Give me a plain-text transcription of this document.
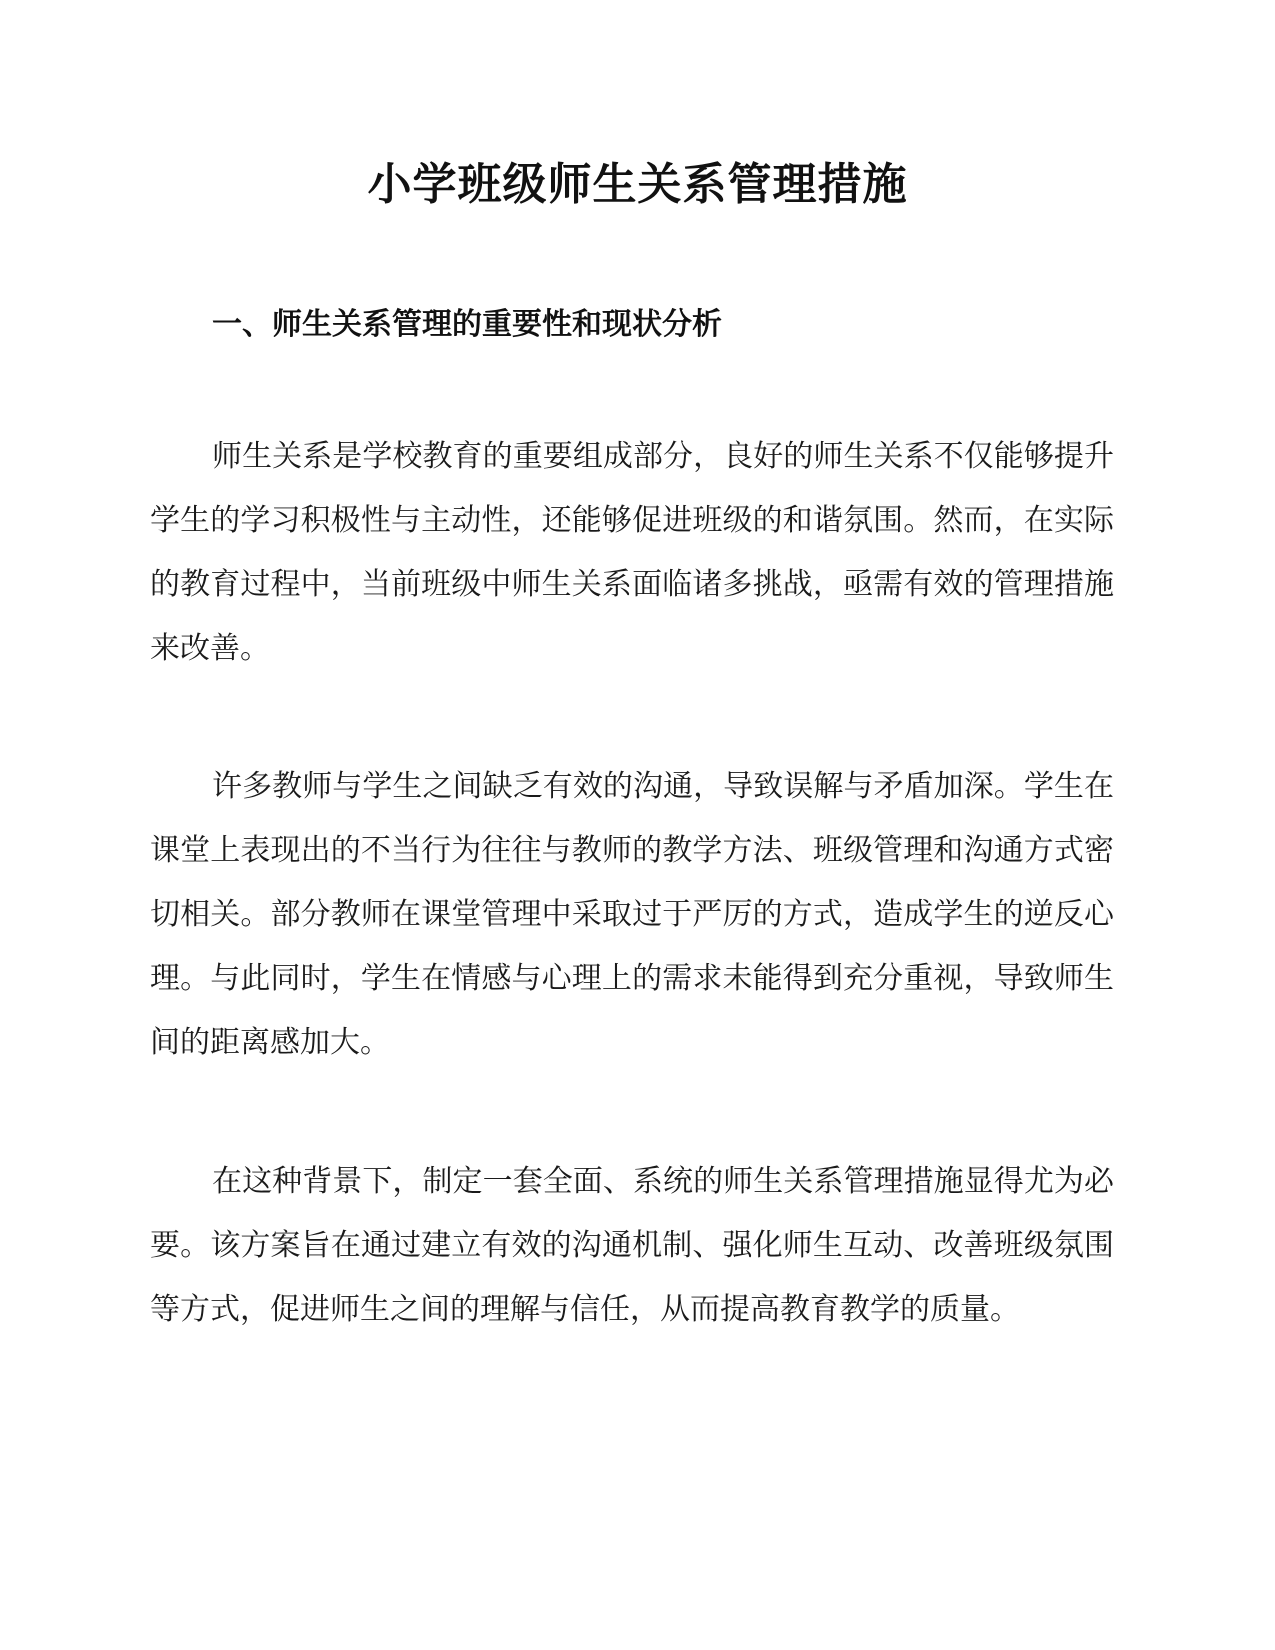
小学班级师生关系管理措施
一、师生关系管理的重要性和现状分析

师生关系是学校教育的重要组成部分，良好的师生关系不仅能够提升学生的学习积极性与主动性，还能够促进班级的和谐氛围。然而，在实际的教育过程中，当前班级中师生关系面临诸多挑战，亟需有效的管理措施来改善。

许多教师与学生之间缺乏有效的沟通，导致误解与矛盾加深。学生在课堂上表现出的不当行为往往与教师的教学方法、班级管理和沟通方式密切相关。部分教师在课堂管理中采取过于严厉的方式，造成学生的逆反心理。与此同时，学生在情感与心理上的需求未能得到充分重视，导致师生间的距离感加大。

在这种背景下，制定一套全面、系统的师生关系管理措施显得尤为必要。该方案旨在通过建立有效的沟通机制、强化师生互动、改善班级氛围等方式，促进师生之间的理解与信任，从而提高教育教学的质量。
